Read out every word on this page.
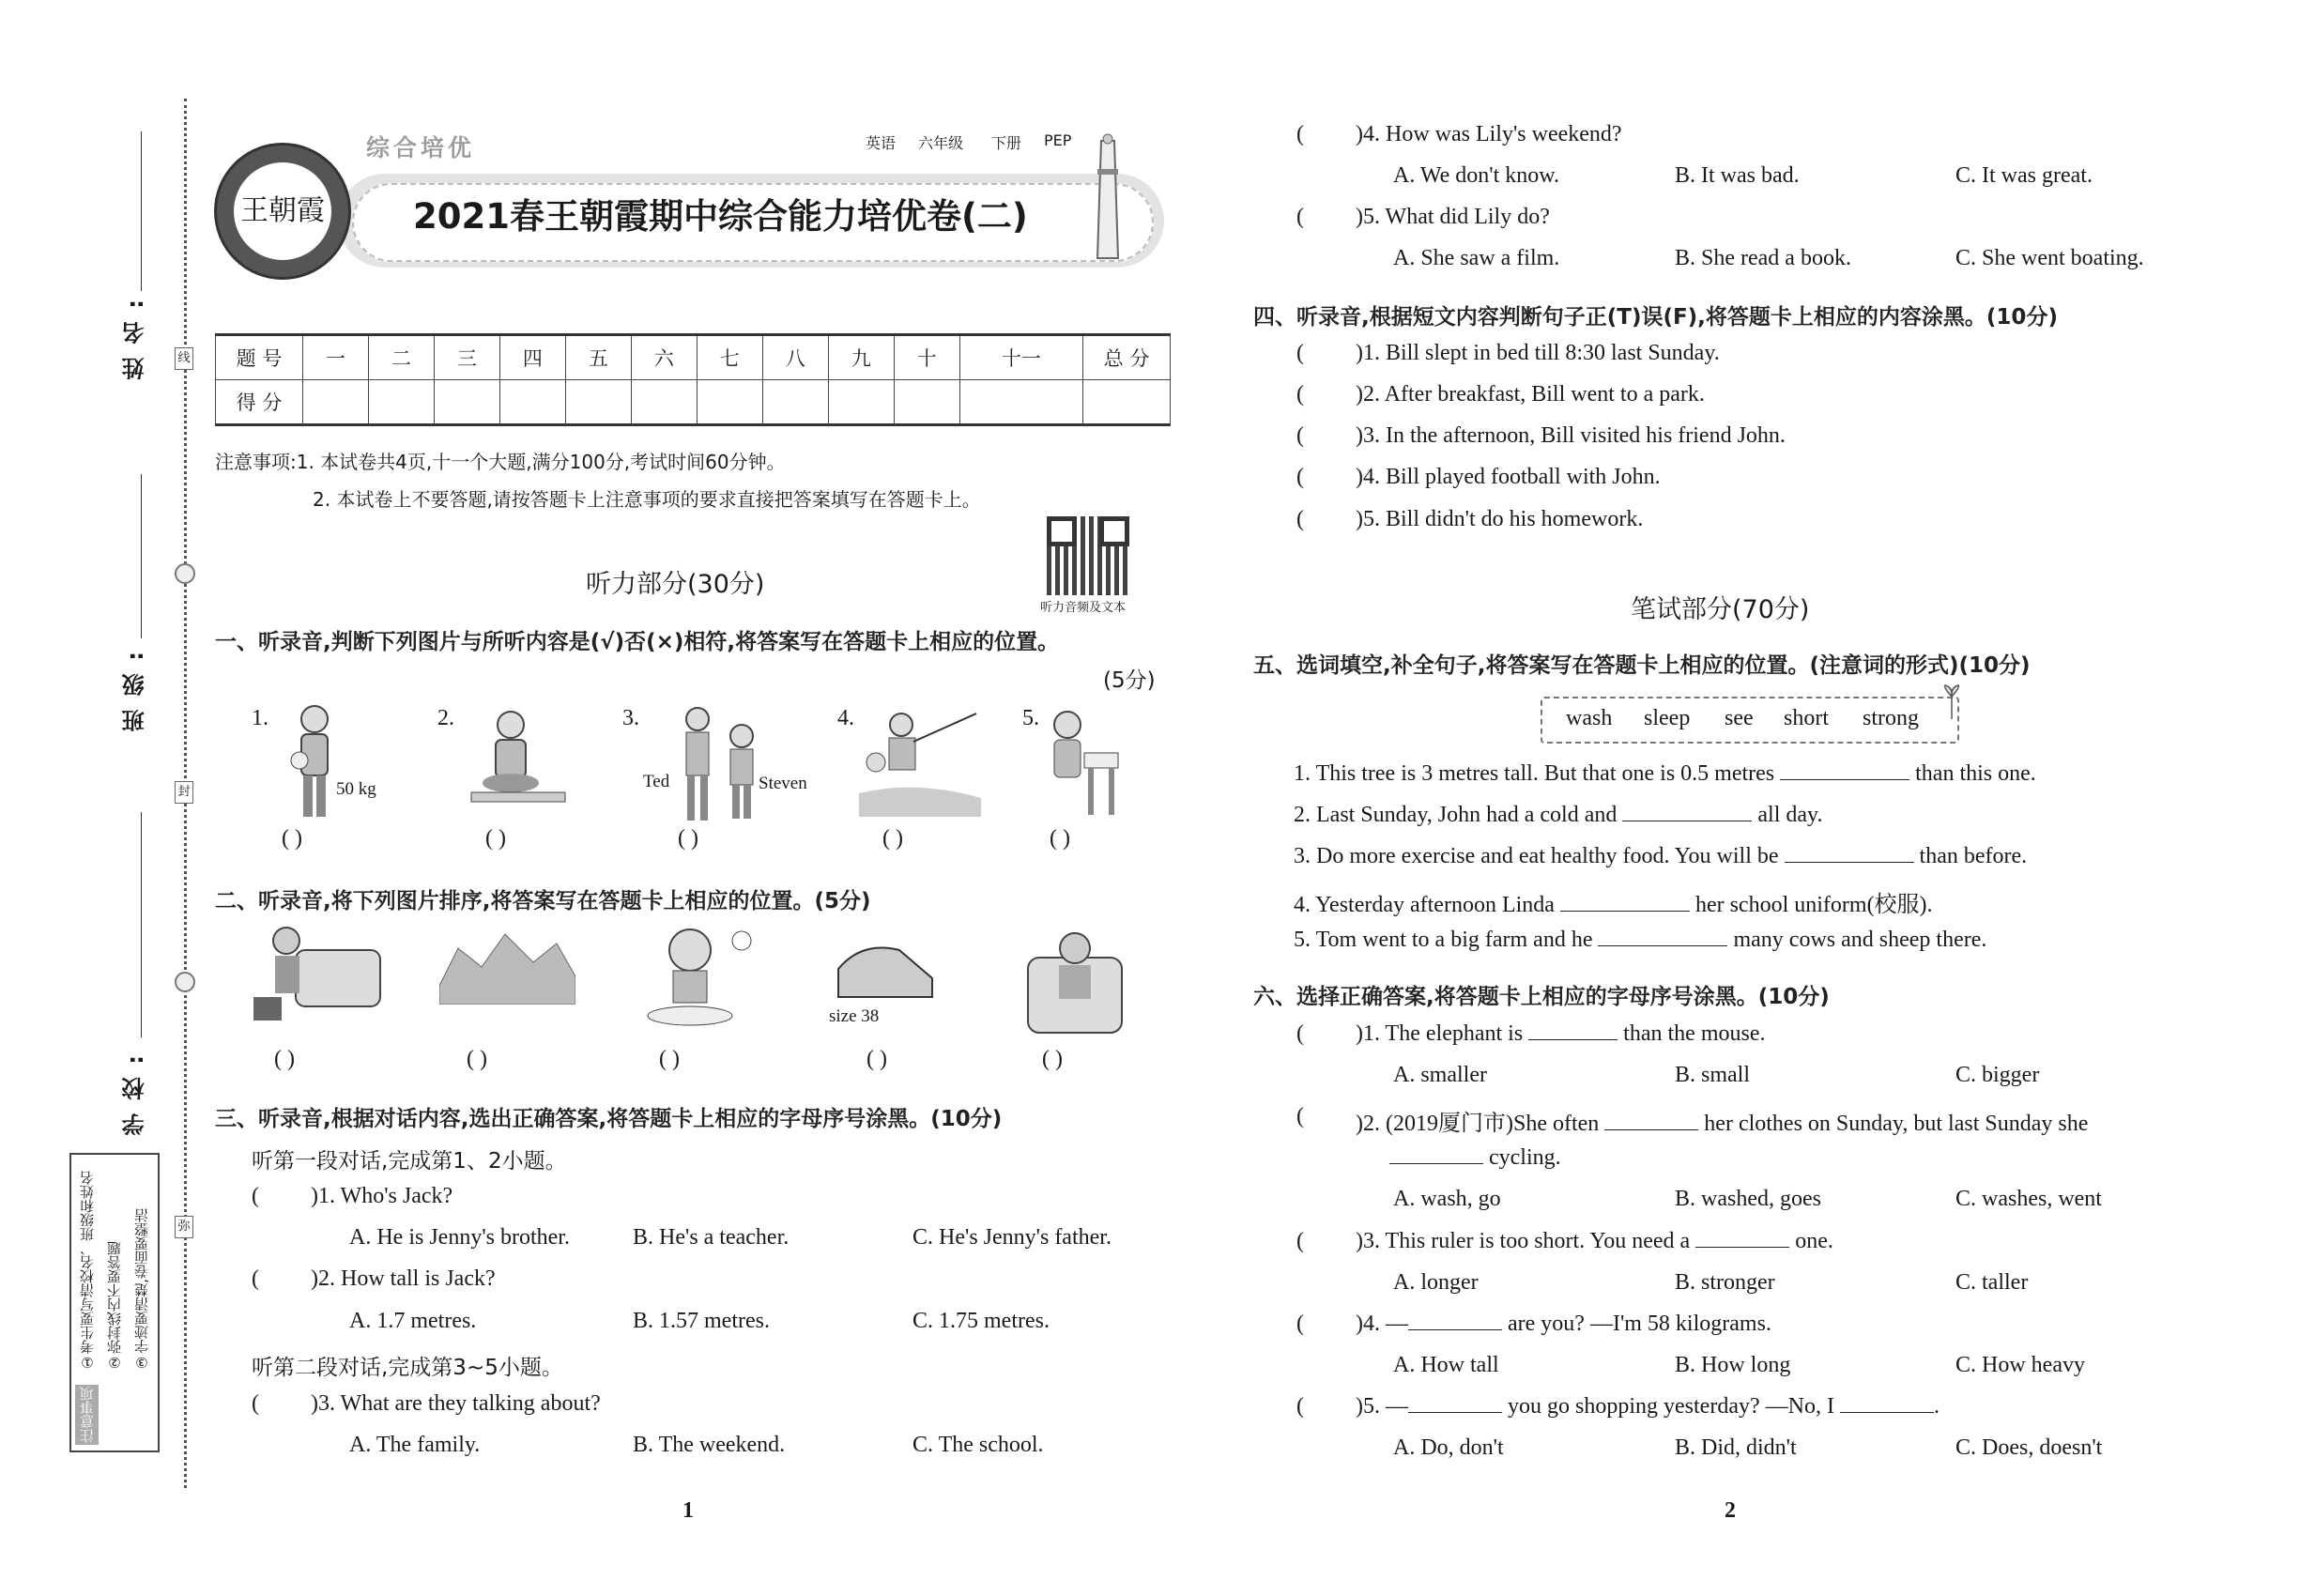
姓名:
班级:
学校:
线
封
弥
注意事项
①考生要写清校名、班级和姓名 ②弥封线内不要答题 ③字迹要清楚,卷面要整洁
王朝霞
综合培优	英语 六年级 下册 PEP
2021春王朝霞期中综合能力培优卷(二)
题 号	一	二	三	四	五	六	七	八	九	十	十一	总 分
得 分												
注意事项:1. 本试卷共4页,十一个大题,满分100分,考试时间60分钟。
2. 本试卷上不要答题,请按答题卡上注意事项的要求直接把答案填写在答题卡上。
听力部分(30分)
听力音频及文本
一、听录音,判断下列图片与所听内容是(√)否(×)相符,将答案写在答题卡上相应的位置。
(5分)
1.	2.	3.	4.	5.
50 kg	Ted	Steven
( )	( )	( )	( )	( )
二、听录音,将下列图片排序,将答案写在答题卡上相应的位置。(5分)
size 38
( )	( )	( )	( )	( )
三、听录音,根据对话内容,选出正确答案,将答题卡上相应的字母序号涂黑。(10分)
听第一段对话,完成第1、2小题。
( )1. Who's Jack?
A. He is Jenny's brother.	B. He's a teacher.	C. He's Jenny's father.
( )2. How tall is Jack?
A. 1.7 metres.	B. 1.57 metres.	C. 1.75 metres.
听第二段对话,完成第3~5小题。
( )3. What are they talking about?
A. The family.	B. The weekend.	C. The school.
1
( )4. How was Lily's weekend?
A. We don't know.	B. It was bad.	C. It was great.
( )5. What did Lily do?
A. She saw a film.	B. She read a book.	C. She went boating.
四、听录音,根据短文内容判断句子正(T)误(F),将答题卡上相应的内容涂黑。(10分)
( )1. Bill slept in bed till 8:30 last Sunday.
( )2. After breakfast, Bill went to a park.
( )3. In the afternoon, Bill visited his friend John.
( )4. Bill played football with John.
( )5. Bill didn't do his homework.
笔试部分(70分)
五、选词填空,补全句子,将答案写在答题卡上相应的位置。(注意词的形式)(10分)
wash sleep see short strong
1. This tree is 3 metres tall. But that one is 0.5 metres	than this one.
2. Last Sunday, John had a cold and	all day.
3. Do more exercise and eat healthy food. You will be	than before.
4. Yesterday afternoon Linda	her school uniform(校服).
5. Tom went to a big farm and he	many cows and sheep there.
六、选择正确答案,将答题卡上相应的字母序号涂黑。(10分)
( )1. The elephant is	than the mouse.
A. smaller	B. small	C. bigger
( )2. (2019厦门市)She often	her clothes on Sunday, but last Sunday she
cycling.
A. wash, go	B. washed, goes	C. washes, went
( )3. This ruler is too short. You need a	one.
A. longer	B. stronger	C. taller
( )4. —	are you? —I'm 58 kilograms.
A. How tall	B. How long	C. How heavy
( )5. —	you go shopping yesterday? —No, I	.
A. Do, don't	B. Did, didn't	C. Does, doesn't
2
